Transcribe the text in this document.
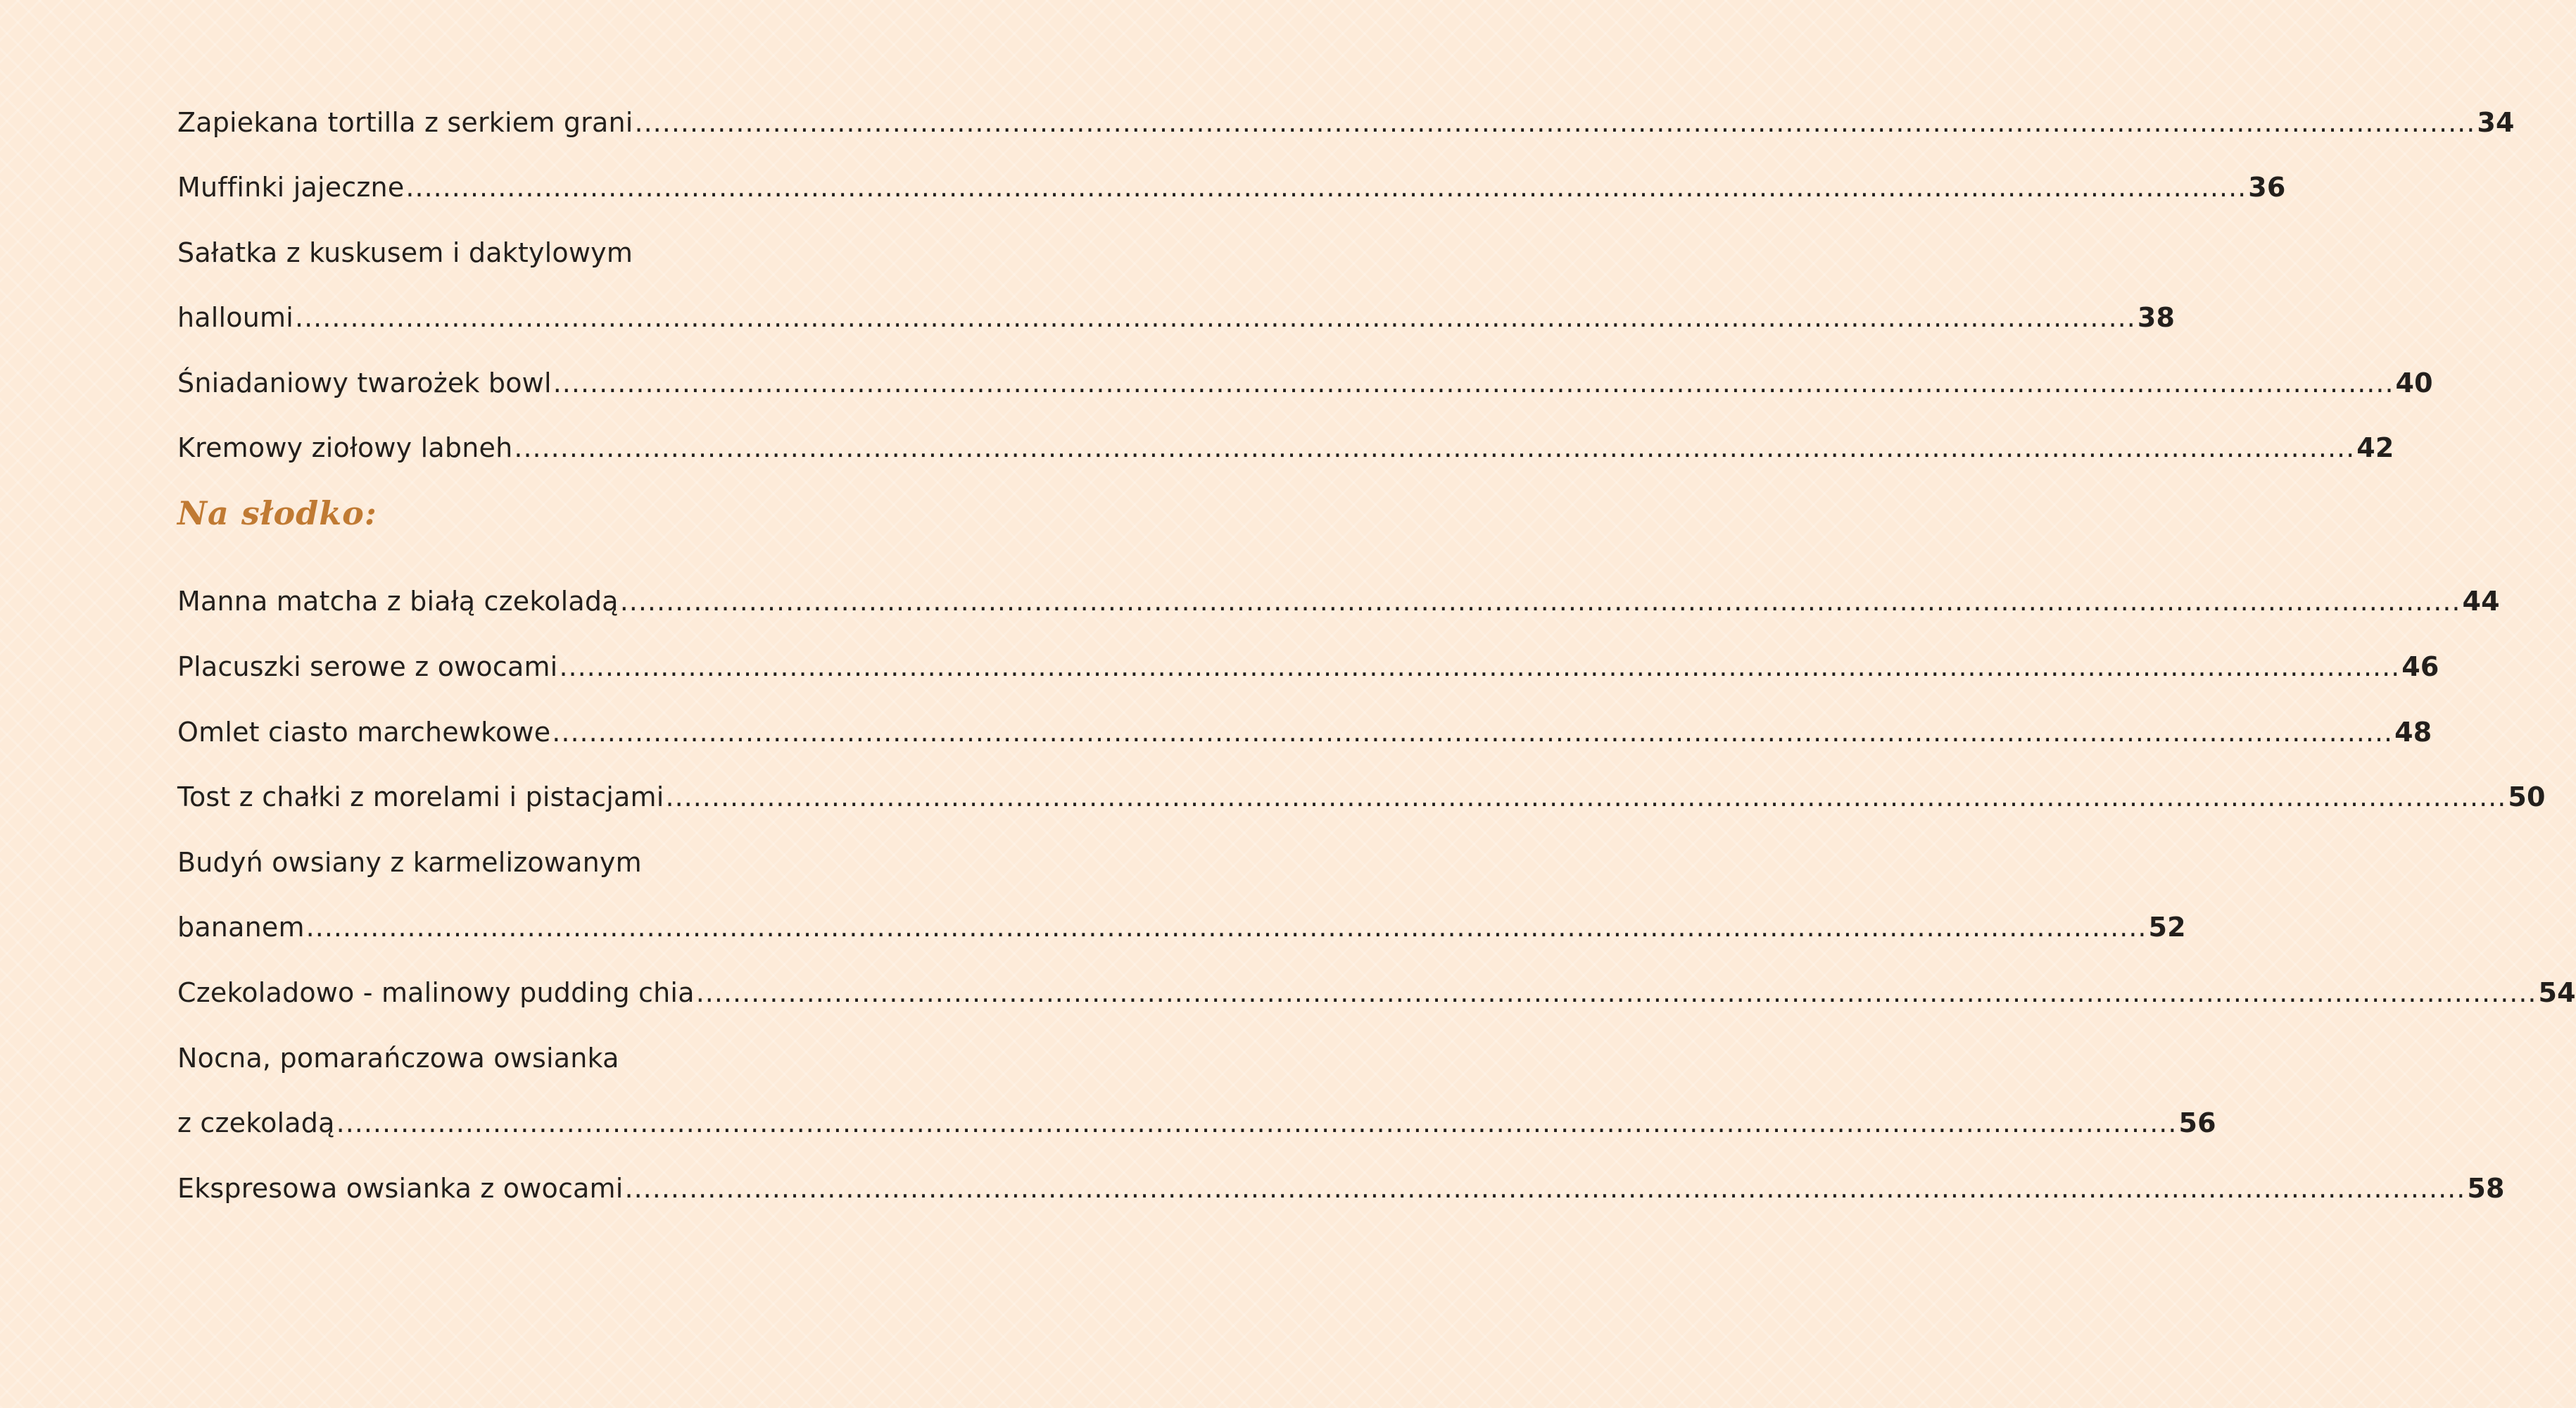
Zapiekana tortilla z serkiem grani ........................................................................................................................................................................................................ 34
Muffinki jajeczne ........................................................................................................................................................................................................ 36
Sałatka z kuskusem i daktylowym
halloumi ........................................................................................................................................................................................................ 38
Śniadaniowy twarożek bowl ........................................................................................................................................................................................................ 40
Kremowy ziołowy labneh ........................................................................................................................................................................................................ 42
Na słodko:
Manna matcha z białą czekoladą ........................................................................................................................................................................................................ 44
Placuszki serowe z owocami ........................................................................................................................................................................................................ 46
Omlet ciasto marchewkowe ........................................................................................................................................................................................................ 48
Tost z chałki z morelami i pistacjami ........................................................................................................................................................................................................ 50
Budyń owsiany z karmelizowanym
bananem ........................................................................................................................................................................................................ 52
Czekoladowo - malinowy pudding chia ........................................................................................................................................................................................................ 54
Nocna, pomarańczowa owsianka
z czekoladą ........................................................................................................................................................................................................ 56
Ekspresowa owsianka z owocami ........................................................................................................................................................................................................ 58
